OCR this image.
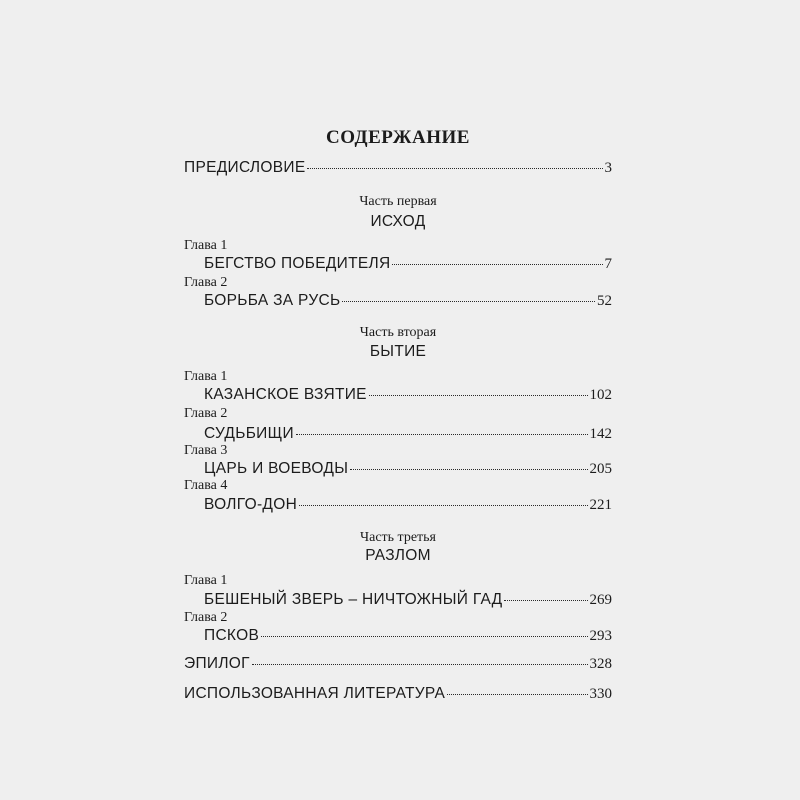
СОДЕРЖАНИЕ
ПРЕДИСЛОВИЕ	3
Часть первая
ИСХОД
Глава 1
БЕГСТВО ПОБЕДИТЕЛЯ	7
Глава 2
БОРЬБА ЗА РУСЬ	52
Часть вторая
БЫТИЕ
Глава 1
КАЗАНСКОЕ ВЗЯТИЕ	102
Глава 2
СУДЬБИЩИ	142
Глава 3
ЦАРЬ И ВОЕВОДЫ	205
Глава 4
ВОЛГО-ДОН	221
Часть третья
РАЗЛОМ
Глава 1
БЕШЕНЫЙ ЗВЕРЬ – НИЧТОЖНЫЙ ГАД	269
Глава 2
ПСКОВ	293
ЭПИЛОГ	328
ИСПОЛЬЗОВАННАЯ ЛИТЕРАТУРА	330
